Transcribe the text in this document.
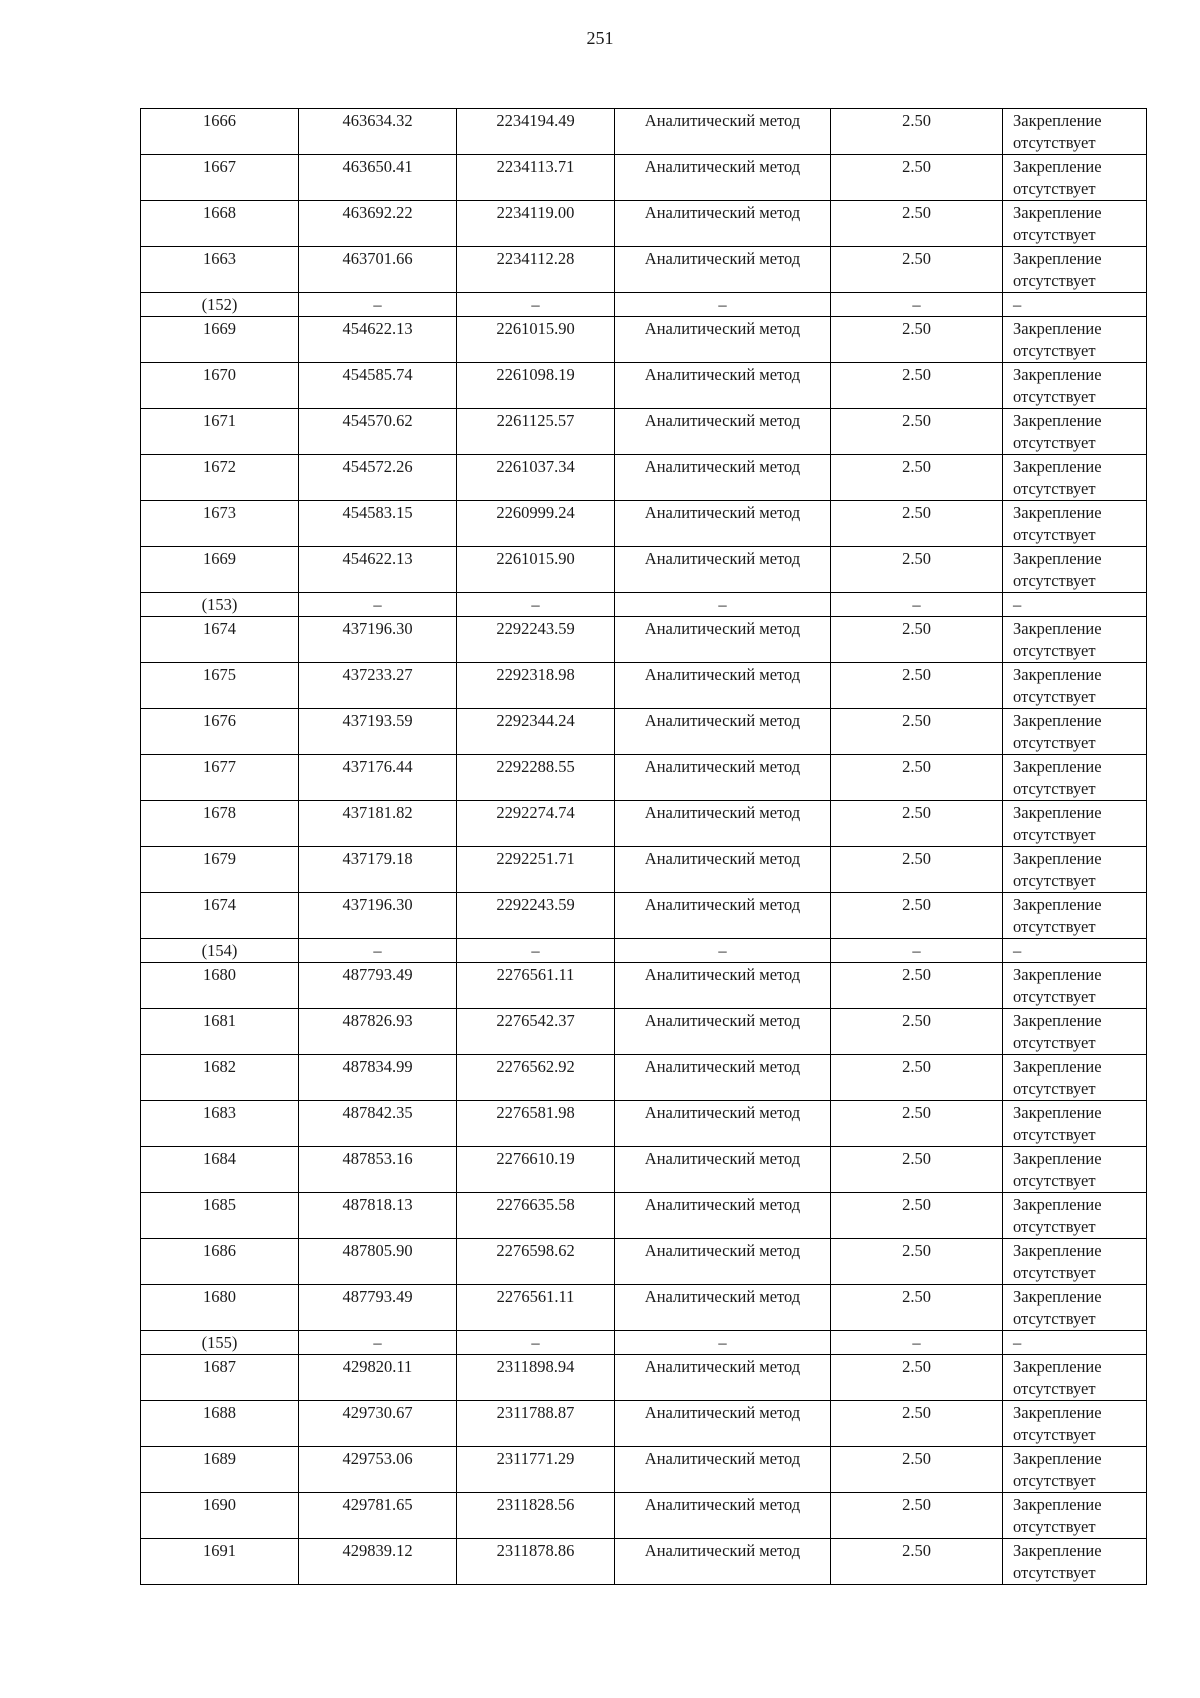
251
1666	463634.32	2234194.49	Аналитический метод	2.50	Закрепление отсутствует
1667	463650.41	2234113.71	Аналитический метод	2.50	Закрепление отсутствует
1668	463692.22	2234119.00	Аналитический метод	2.50	Закрепление отсутствует
1663	463701.66	2234112.28	Аналитический метод	2.50	Закрепление отсутствует
(152)	–	–	–	–	–
1669	454622.13	2261015.90	Аналитический метод	2.50	Закрепление отсутствует
1670	454585.74	2261098.19	Аналитический метод	2.50	Закрепление отсутствует
1671	454570.62	2261125.57	Аналитический метод	2.50	Закрепление отсутствует
1672	454572.26	2261037.34	Аналитический метод	2.50	Закрепление отсутствует
1673	454583.15	2260999.24	Аналитический метод	2.50	Закрепление отсутствует
1669	454622.13	2261015.90	Аналитический метод	2.50	Закрепление отсутствует
(153)	–	–	–	–	–
1674	437196.30	2292243.59	Аналитический метод	2.50	Закрепление отсутствует
1675	437233.27	2292318.98	Аналитический метод	2.50	Закрепление отсутствует
1676	437193.59	2292344.24	Аналитический метод	2.50	Закрепление отсутствует
1677	437176.44	2292288.55	Аналитический метод	2.50	Закрепление отсутствует
1678	437181.82	2292274.74	Аналитический метод	2.50	Закрепление отсутствует
1679	437179.18	2292251.71	Аналитический метод	2.50	Закрепление отсутствует
1674	437196.30	2292243.59	Аналитический метод	2.50	Закрепление отсутствует
(154)	–	–	–	–	–
1680	487793.49	2276561.11	Аналитический метод	2.50	Закрепление отсутствует
1681	487826.93	2276542.37	Аналитический метод	2.50	Закрепление отсутствует
1682	487834.99	2276562.92	Аналитический метод	2.50	Закрепление отсутствует
1683	487842.35	2276581.98	Аналитический метод	2.50	Закрепление отсутствует
1684	487853.16	2276610.19	Аналитический метод	2.50	Закрепление отсутствует
1685	487818.13	2276635.58	Аналитический метод	2.50	Закрепление отсутствует
1686	487805.90	2276598.62	Аналитический метод	2.50	Закрепление отсутствует
1680	487793.49	2276561.11	Аналитический метод	2.50	Закрепление отсутствует
(155)	–	–	–	–	–
1687	429820.11	2311898.94	Аналитический метод	2.50	Закрепление отсутствует
1688	429730.67	2311788.87	Аналитический метод	2.50	Закрепление отсутствует
1689	429753.06	2311771.29	Аналитический метод	2.50	Закрепление отсутствует
1690	429781.65	2311828.56	Аналитический метод	2.50	Закрепление отсутствует
1691	429839.12	2311878.86	Аналитический метод	2.50	Закрепление отсутствует
